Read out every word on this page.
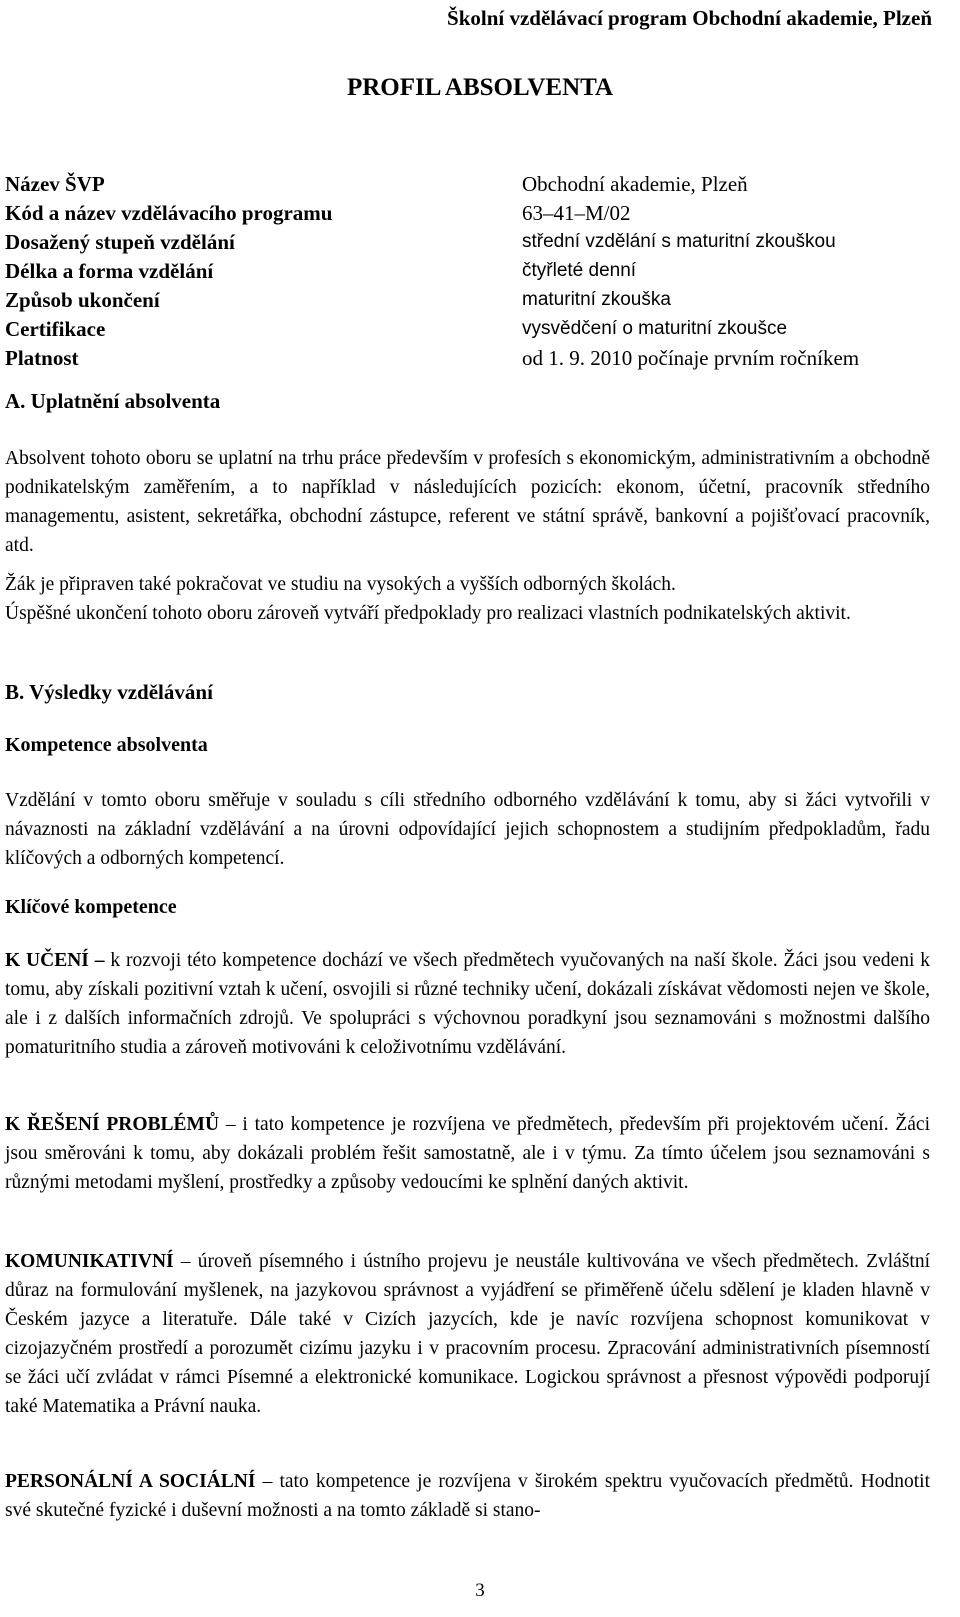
Školní vzdělávací program Obchodní akademie, Plzeň
PROFIL ABSOLVENTA
Název ŠVP	Obchodní akademie, Plzeň
Kód a název vzdělávacího programu	63–41–M/02
Dosažený stupeň vzdělání	střední vzdělání s maturitní zkouškou
Délka a forma vzdělání	čtyřleté denní
Způsob ukončení	maturitní zkouška
Certifikace	vysvědčení o maturitní zkoušce
Platnost	od 1. 9. 2010 počínaje prvním ročníkem
A. Uplatnění absolventa

Absolvent tohoto oboru se uplatní na trhu práce především v profesích s ekonomickým, administrativním a obchodně podnikatelským zaměřením, a to například v následujících pozicích: ekonom, účetní, pracovník středního managementu, asistent, sekretářka, obchodní zástupce, referent ve státní správě, bankovní a pojišťovací pracovník, atd.

Žák je připraven také pokračovat ve studiu na vysokých a vyšších odborných školách.

Úspěšné ukončení tohoto oboru zároveň vytváří předpoklady pro realizaci vlastních podnikatelských aktivit.

B. Výsledky vzdělávání
Kompetence absolventa

Vzdělání v tomto oboru směřuje v souladu s cíli středního odborného vzdělávání k tomu, aby si žáci vytvořili v návaznosti na základní vzdělávání a na úrovni odpovídající jejich schopnostem a studijním předpokladům, řadu klíčových a odborných kompetencí.

Klíčové kompetence

K UČENÍ – k rozvoji této kompetence dochází ve všech předmětech vyučovaných na naší škole. Žáci jsou vedeni k tomu, aby získali pozitivní vztah k učení, osvojili si různé techniky učení, dokázali získávat vědomosti nejen ve škole, ale i z dalších informačních zdrojů. Ve spolupráci s výchovnou poradkyní jsou seznamováni s možnostmi dalšího pomaturitního studia a zároveň motivováni k celoživotnímu vzdělávání.

K ŘEŠENÍ PROBLÉMŮ – i tato kompetence je rozvíjena ve předmětech, především při projektovém učení. Žáci jsou směrováni k tomu, aby dokázali problém řešit samostatně, ale i v týmu. Za tímto účelem jsou seznamováni s různými metodami myšlení, prostředky a způsoby vedoucími ke splnění daných aktivit.

KOMUNIKATIVNÍ – úroveň písemného i ústního projevu je neustále kultivována ve všech předmětech. Zvláštní důraz na formulování myšlenek, na jazykovou správnost a vyjádření se přiměřeně účelu sdělení je kladen hlavně v Českém jazyce a literatuře. Dále také v Cizích jazycích, kde je navíc rozvíjena schopnost komunikovat v cizojazyčném prostředí a porozumět cizímu jazyku i v pracovním procesu. Zpracování administrativních písemností se žáci učí zvládat v rámci Písemné a elektronické komunikace. Logickou správnost a přesnost výpovědi podporují také Matematika a Právní nauka.

PERSONÁLNÍ A SOCIÁLNÍ – tato kompetence je rozvíjena v širokém spektru vyučovacích předmětů. Hodnotit své skutečné fyzické i duševní možnosti a na tomto základě si stano-

3
